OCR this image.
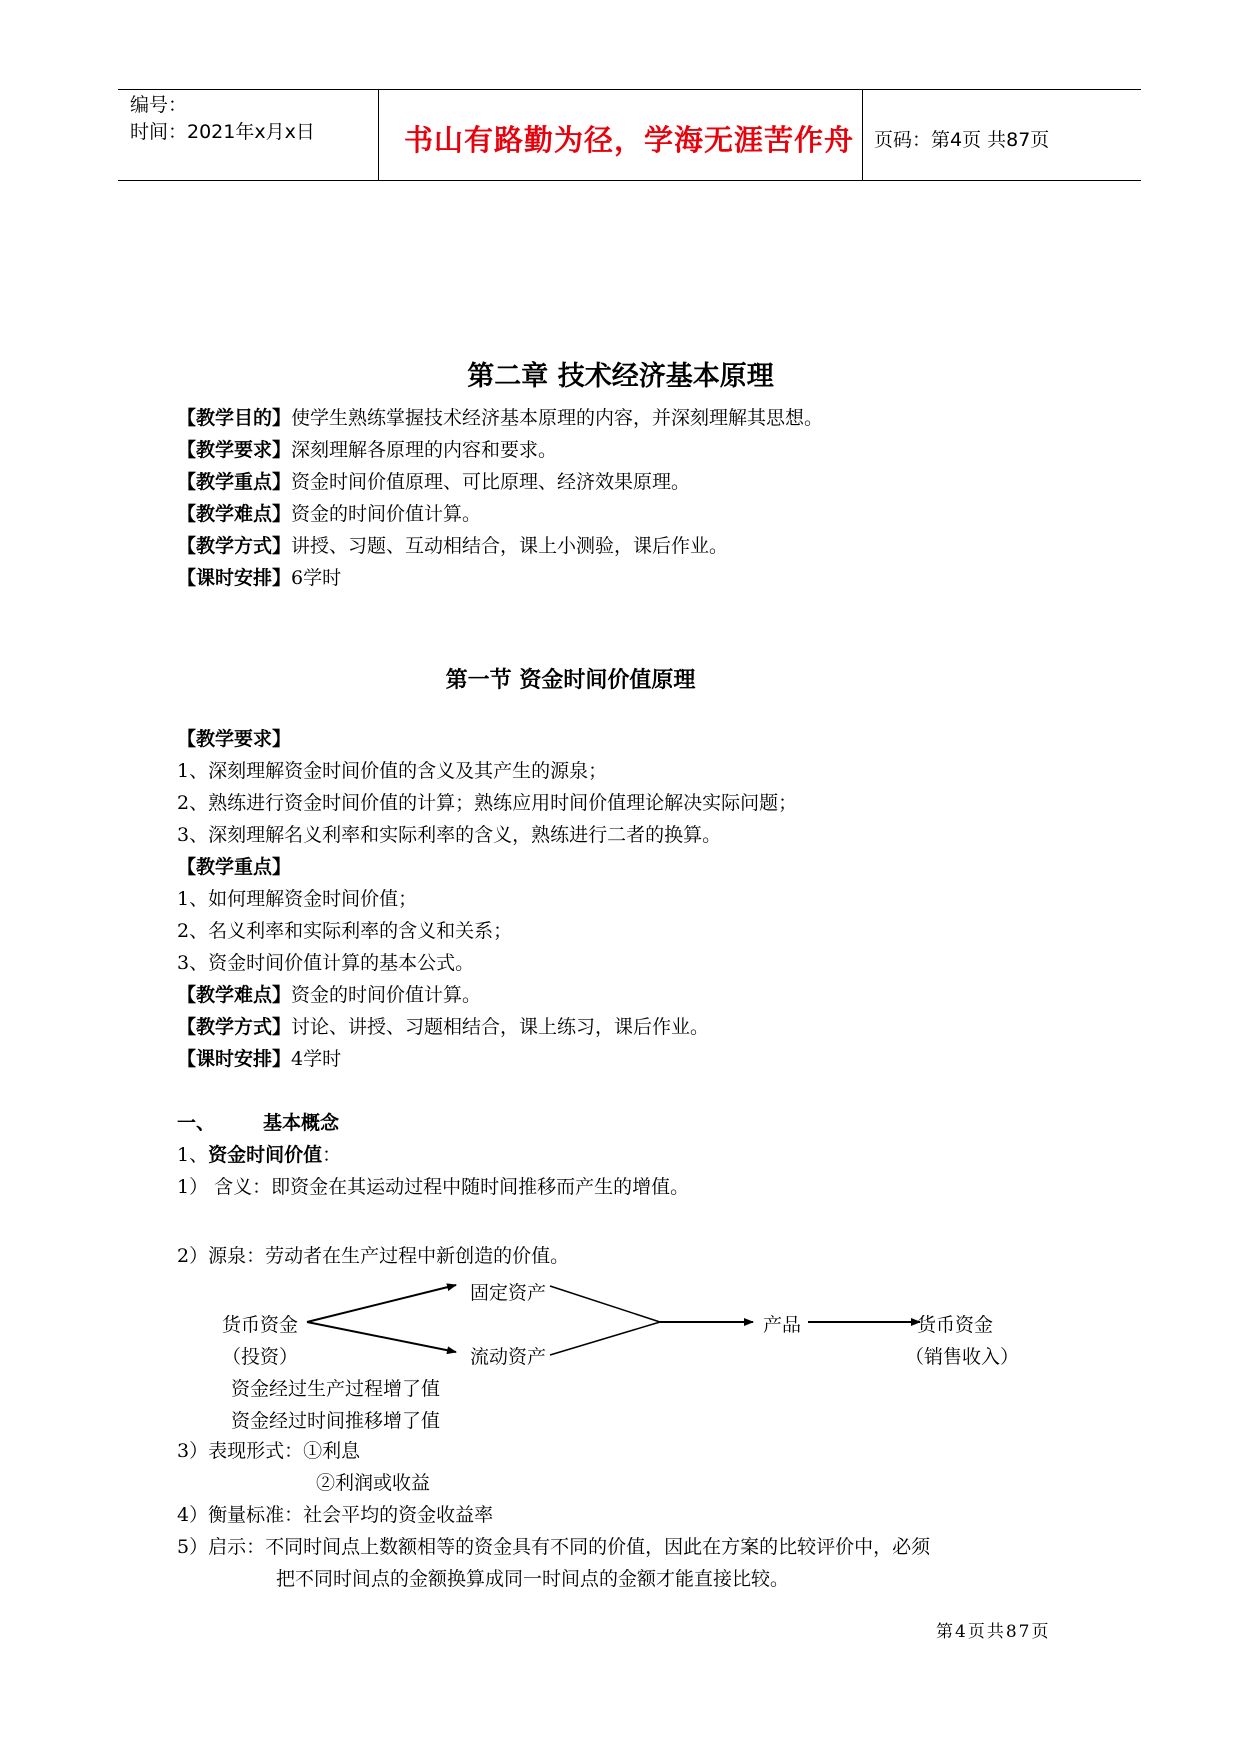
编号：
时间：2021年x月x日	书山有路勤为径，学海无涯苦作舟 页码：第4页 共87页
第二章 技术经济基本原理
【教学目的】使学生熟练掌握技术经济基本原理的内容，并深刻理解其思想。
【教学要求】深刻理解各原理的内容和要求。
【教学重点】资金时间价值原理、可比原理、经济效果原理。
【教学难点】资金的时间价值计算。
【教学方式】讲授、习题、互动相结合，课上小测验，课后作业。
【课时安排】6学时
第一节 资金时间价值原理
【教学要求】
1、深刻理解资金时间价值的含义及其产生的源泉；
2、熟练进行资金时间价值的计算；熟练应用时间价值理论解决实际问题；
3、深刻理解名义利率和实际利率的含义，熟练进行二者的换算。
【教学重点】
1、如何理解资金时间价值；
2、名义利率和实际利率的含义和关系；
3、资金时间价值计算的基本公式。
【教学难点】资金的时间价值计算。
【教学方式】讨论、讲授、习题相结合，课上练习，课后作业。
【课时安排】4学时
一、	基本概念
1、资金时间价值：
1） 含义：即资金在其运动过程中随时间推移而产生的增值。
2）源泉：劳动者在生产过程中新创造的价值。
固定资产
货币资金
（投资）	流动资产
产品	货币资金
（销售收入）
资金经过生产过程增了值
资金经过时间推移增了值
3）表现形式：①利息
②利润或收益
4）衡量标准：社会平均的资金收益率
5）启示：不同时间点上数额相等的资金具有不同的价值，因此在方案的比较评价中，必须
把不同时间点的金额换算成同一时间点的金额才能直接比较。
第4页共87页
